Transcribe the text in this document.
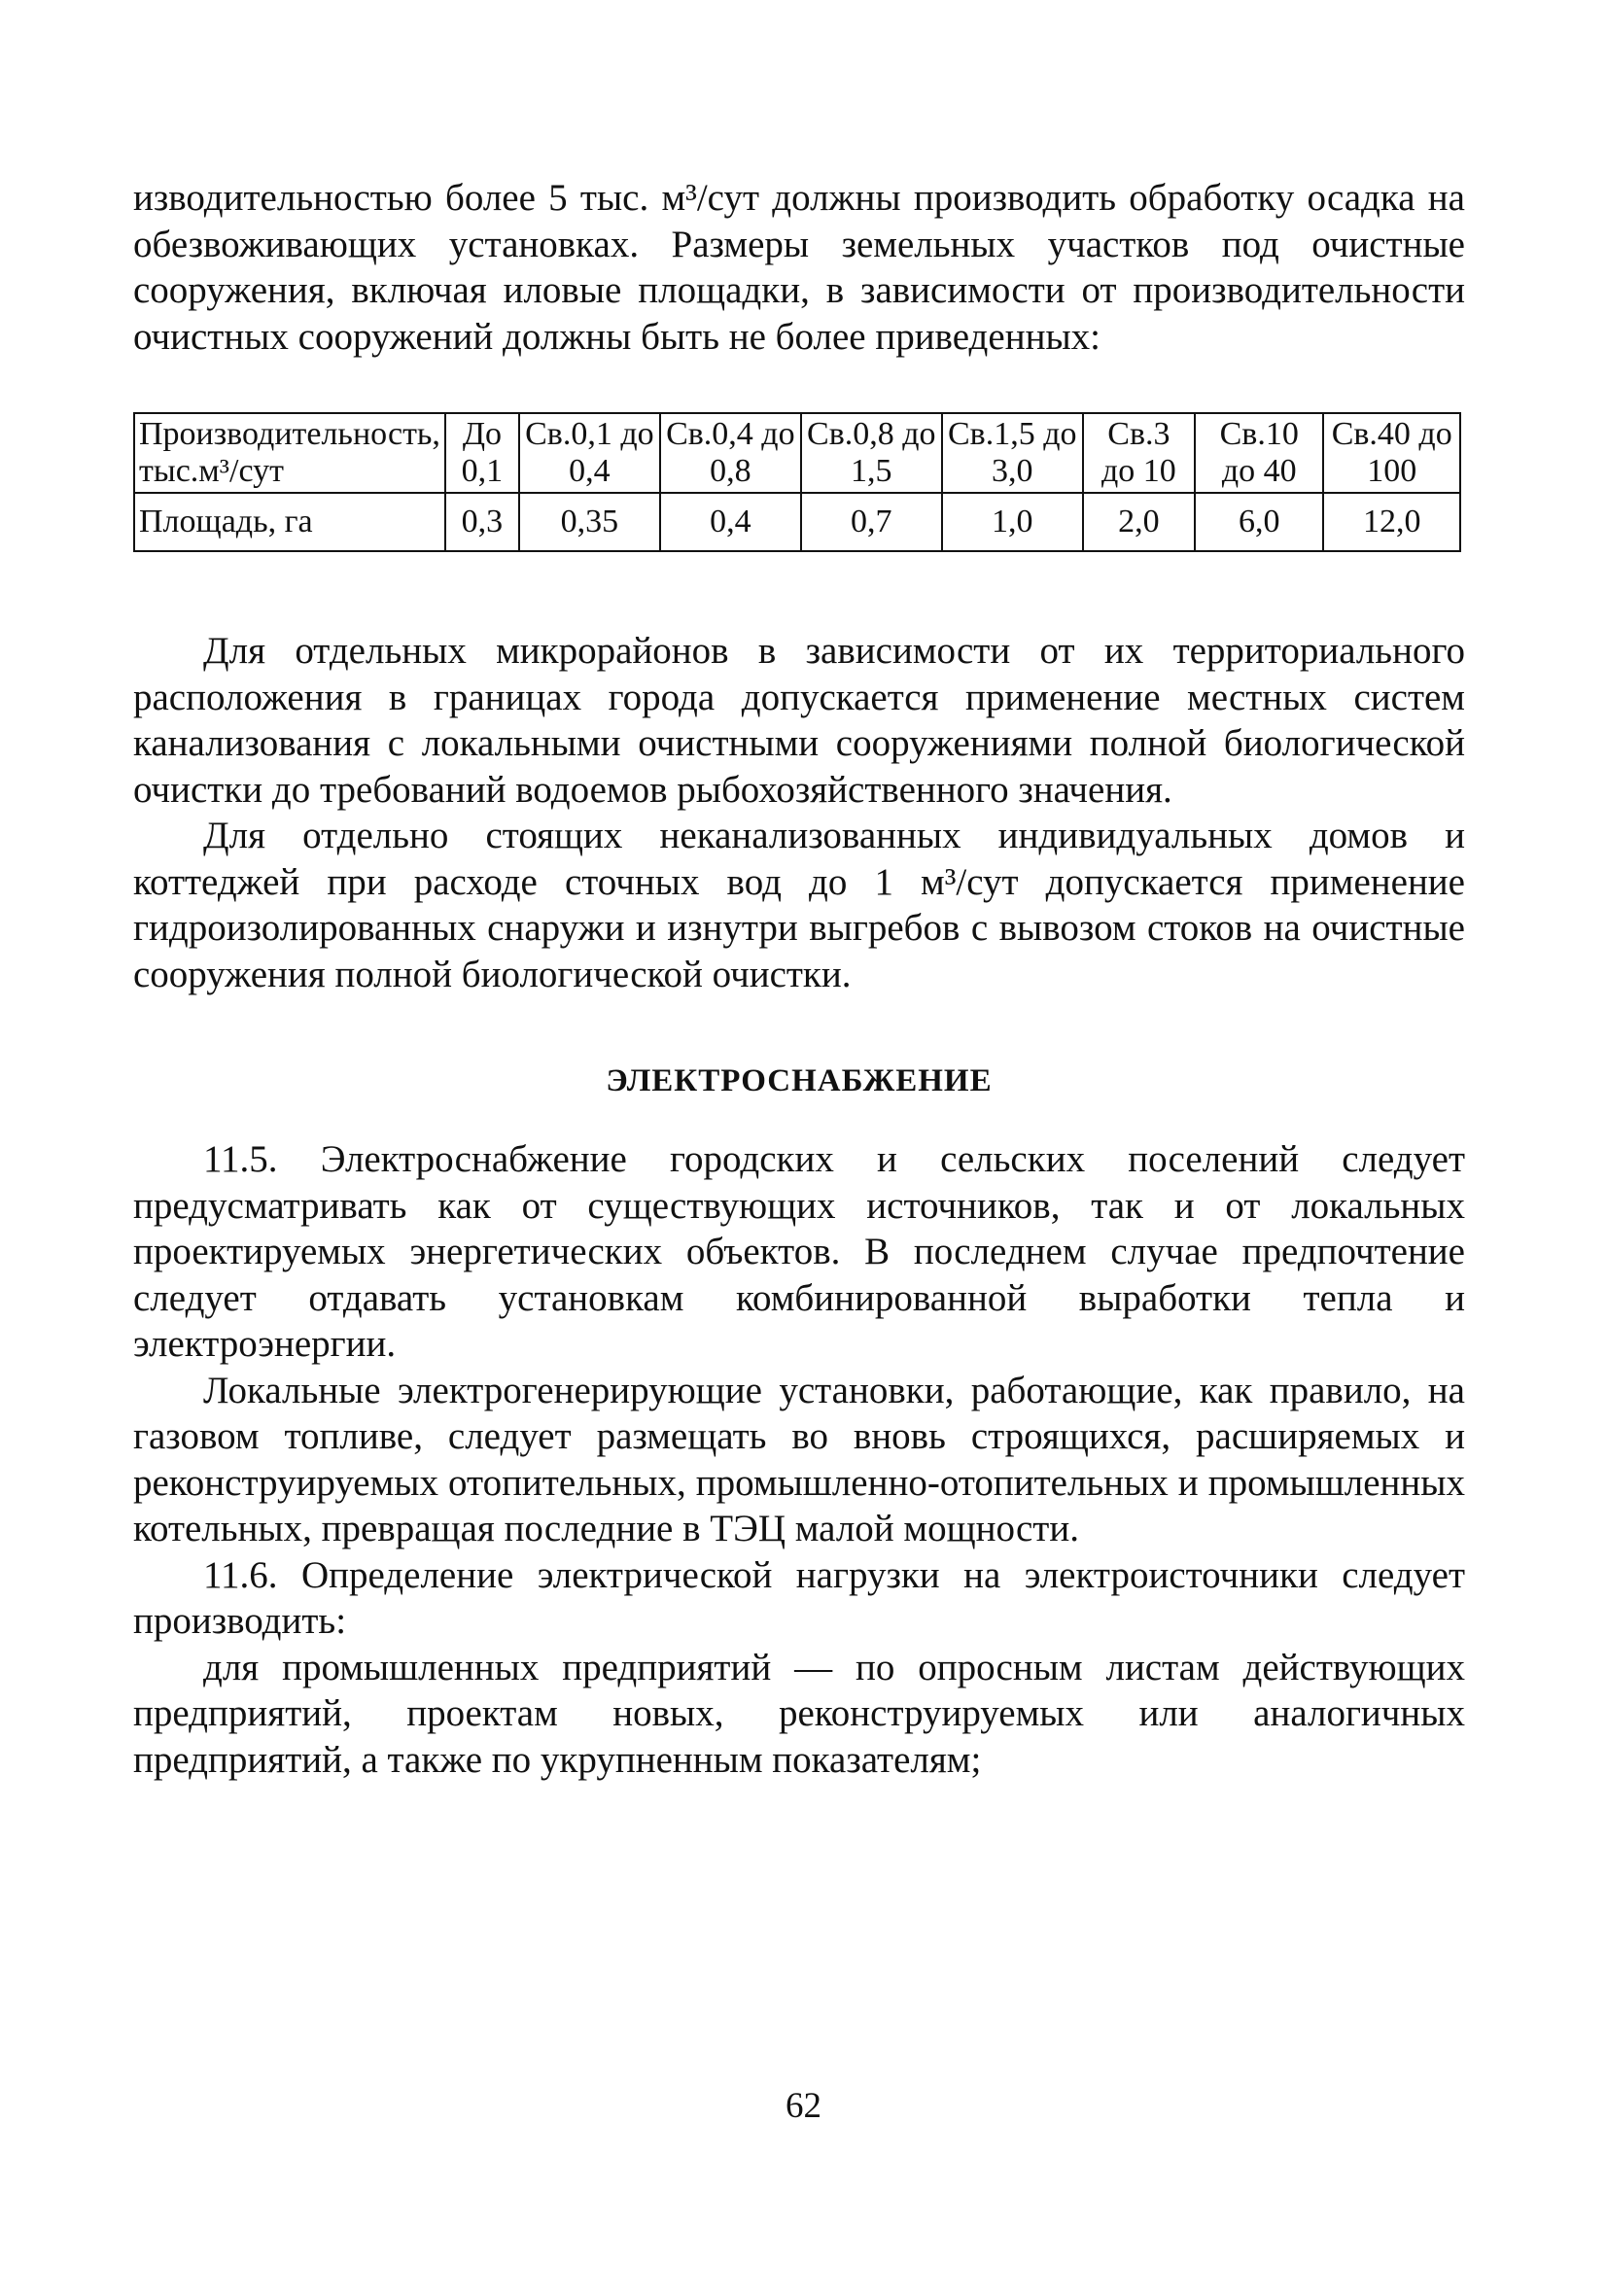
изводительностью более 5 тыс. м³/сут должны производить обработку осадка на обезвоживающих установках. Размеры земельных участков под очистные сооружения, включая иловые площадки, в зависимости от производительности очистных сооружений должны быть не более приведенных:

Производительность, тыс.м³/сут	До 0,1	Св.0,1 до 0,4	Св.0,4 до 0,8	Св.0,8 до 1,5	Св.1,5 до 3,0	Св.3 до 10	Св.10 до 40	Св.40 до 100
Площадь, га	0,3	0,35	0,4	0,7	1,0	2,0	6,0	12,0

Для отдельных микрорайонов в зависимости от их территориального расположения в границах города допускается применение местных систем канализования с локальными очистными сооружениями полной биологической очистки до требований водоемов рыбохозяйственного значения.

Для отдельно стоящих неканализованных индивидуальных домов и коттеджей при расходе сточных вод до 1 м³/сут допускается применение гидроизолированных снаружи и изнутри выгребов с вывозом стоков на очистные сооружения полной биологической очистки.

ЭЛЕКТРОСНАБЖЕНИЕ

11.5. Электроснабжение городских и сельских поселений следует предусматривать как от существующих источников, так и от локальных проектируемых энергетических объектов. В последнем случае предпочтение следует отдавать установкам комбинированной выработки тепла и электроэнергии.

Локальные электрогенерирующие установки, работающие, как правило, на газовом топливе, следует размещать во вновь строящихся, расширяемых и реконструируемых отопительных, промышленно-отопительных и промышленных котельных, превращая последние в ТЭЦ малой мощности.

11.6. Определение электрической нагрузки на электроисточники следует производить:

для промышленных предприятий — по опросным листам действующих предприятий, проектам новых, реконструируемых или аналогичных предприятий, а также по укрупненным показателям;

62
